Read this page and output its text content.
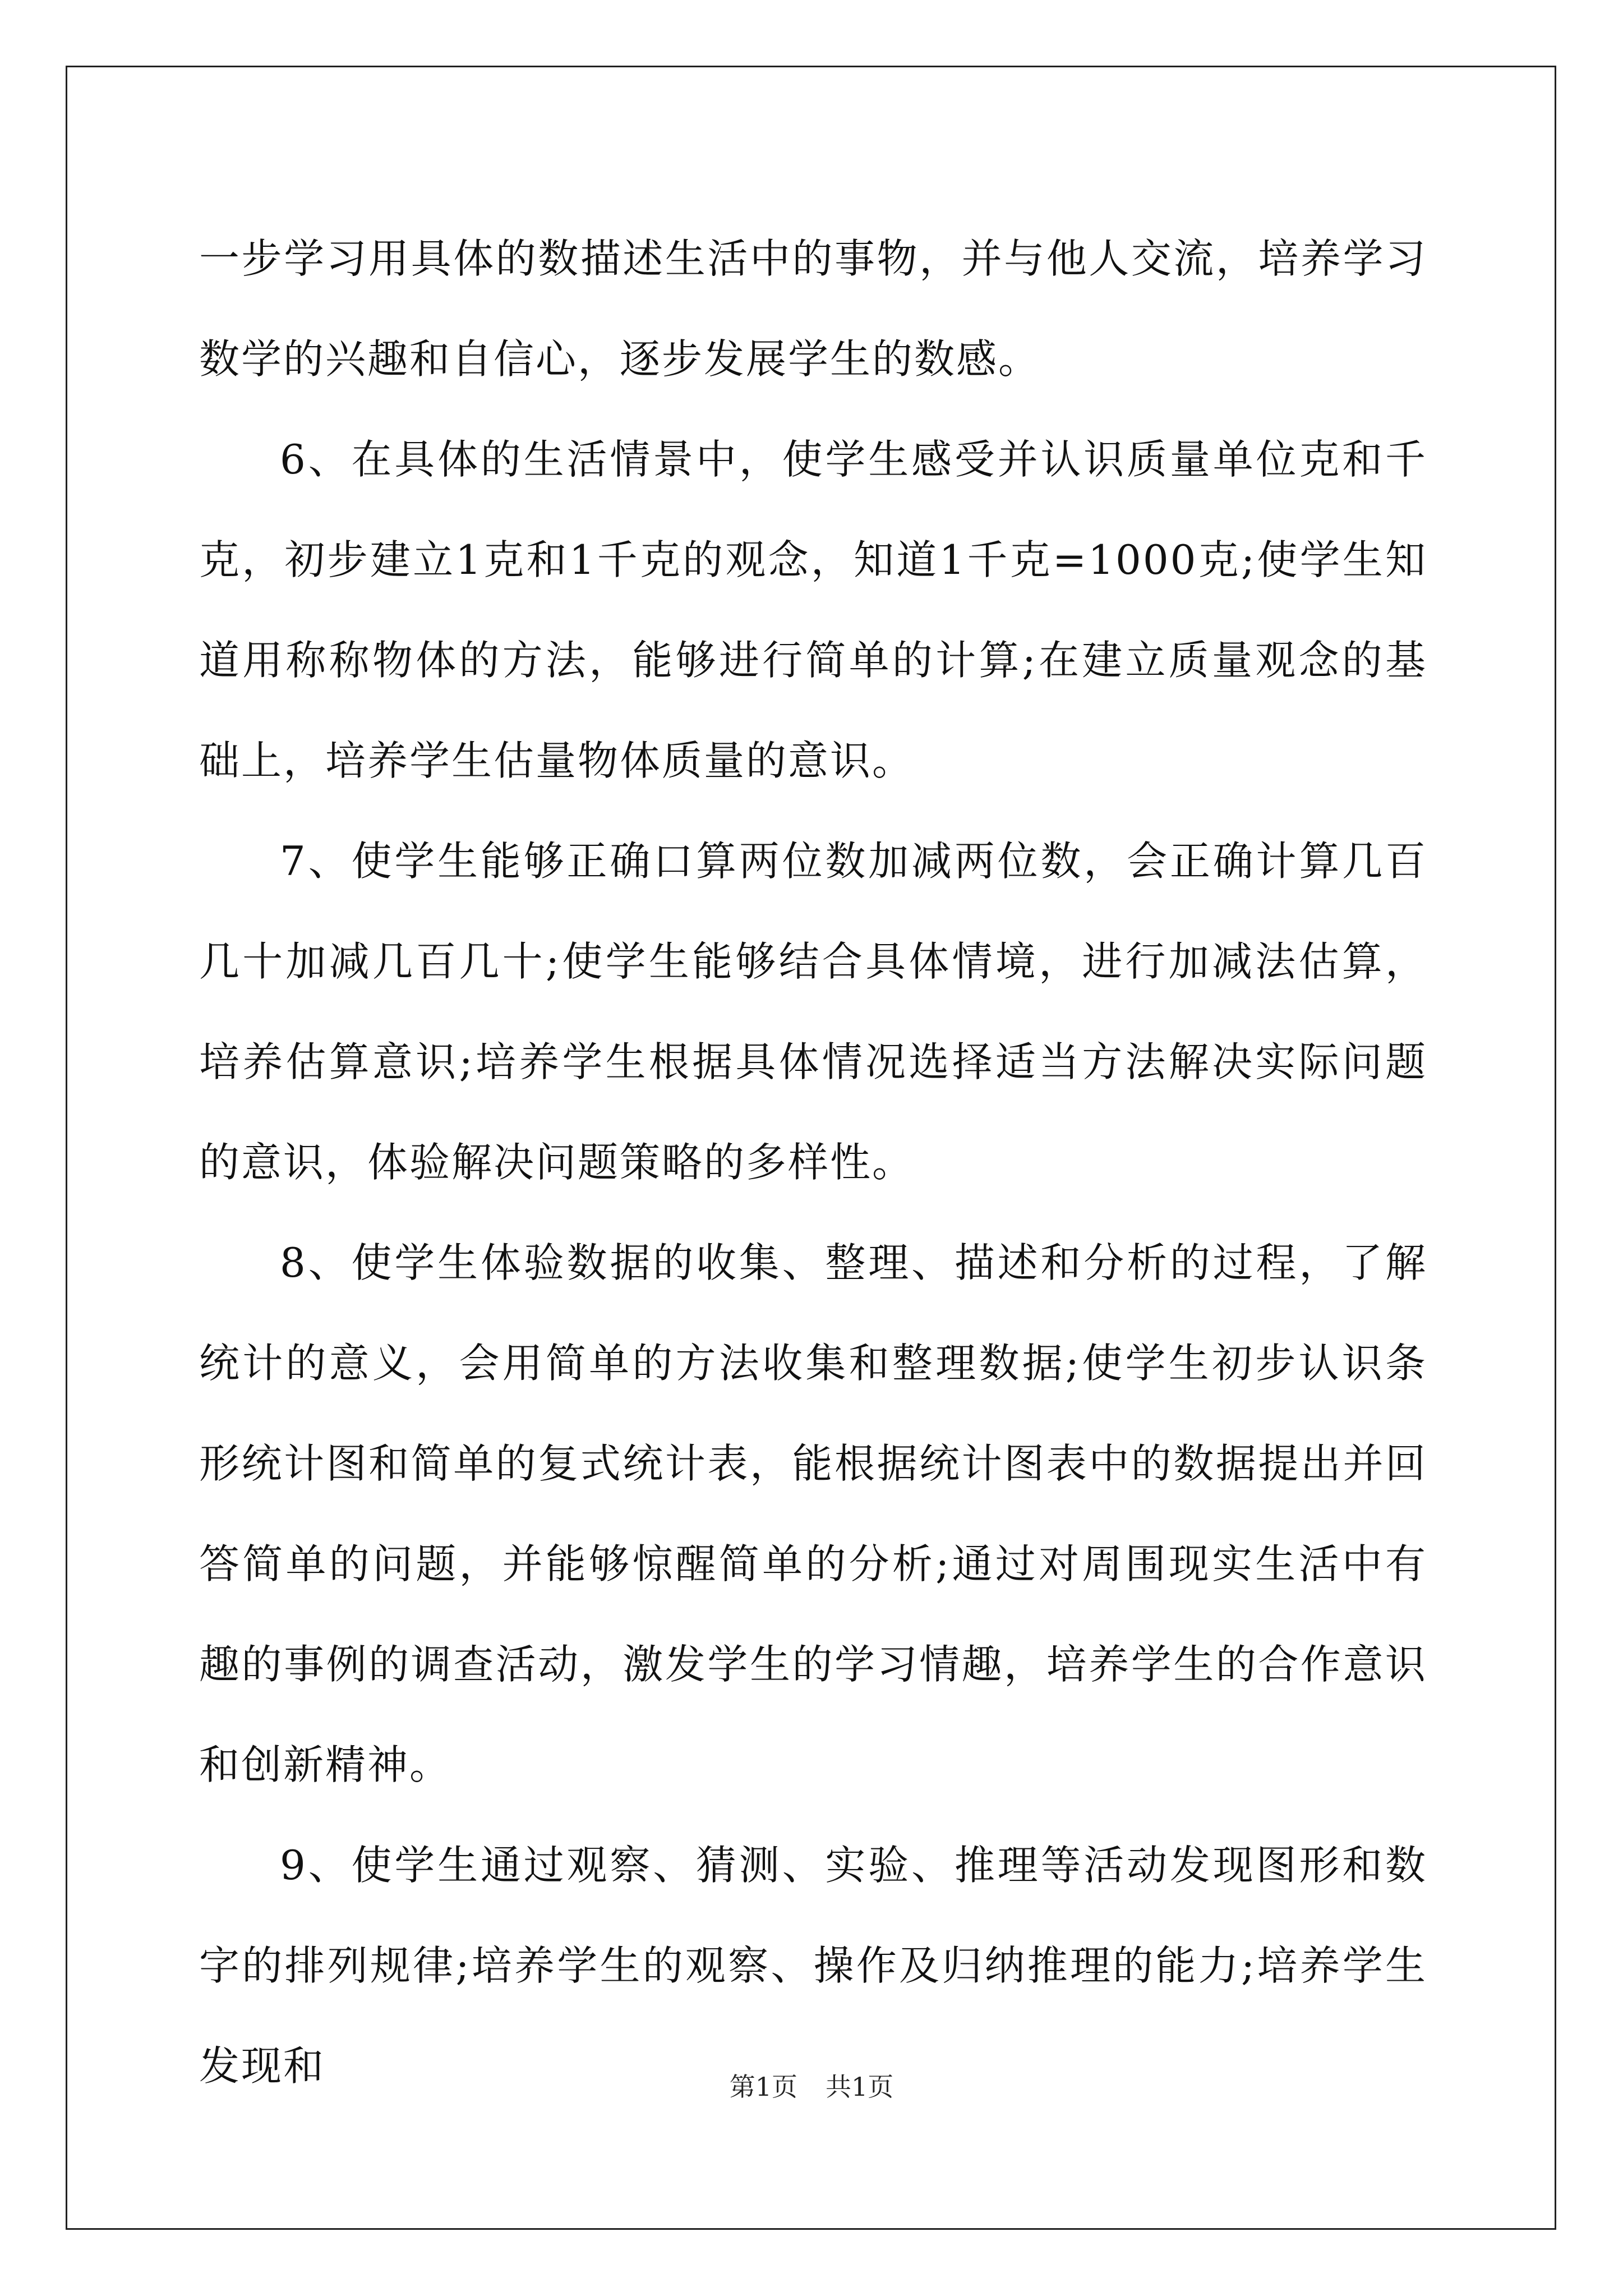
一步学习用具体的数描述生活中的事物，并与他人交流，培养学习数学的兴趣和自信心，逐步发展学生的数感。

6、在具体的生活情景中，使学生感受并认识质量单位克和千克，初步建立1克和1千克的观念，知道1千克=1000克;使学生知道用称称物体的方法，能够进行简单的计算;在建立质量观念的基础上，培养学生估量物体质量的意识。

7、使学生能够正确口算两位数加减两位数，会正确计算几百几十加减几百几十;使学生能够结合具体情境，进行加减法估算，培养估算意识;培养学生根据具体情况选择适当方法解决实际问题的意识，体验解决问题策略的多样性。

8、使学生体验数据的收集、整理、描述和分析的过程，了解统计的意义，会用简单的方法收集和整理数据;使学生初步认识条形统计图和简单的复式统计表，能根据统计图表中的数据提出并回答简单的问题，并能够惊醒简单的分析;通过对周围现实生活中有趣的事例的调查活动，激发学生的学习情趣，培养学生的合作意识和创新精神。

9、使学生通过观察、猜测、实验、推理等活动发现图形和数字的排列规律;培养学生的观察、操作及归纳推理的能力;培养学生发现和	第1页 共1页
